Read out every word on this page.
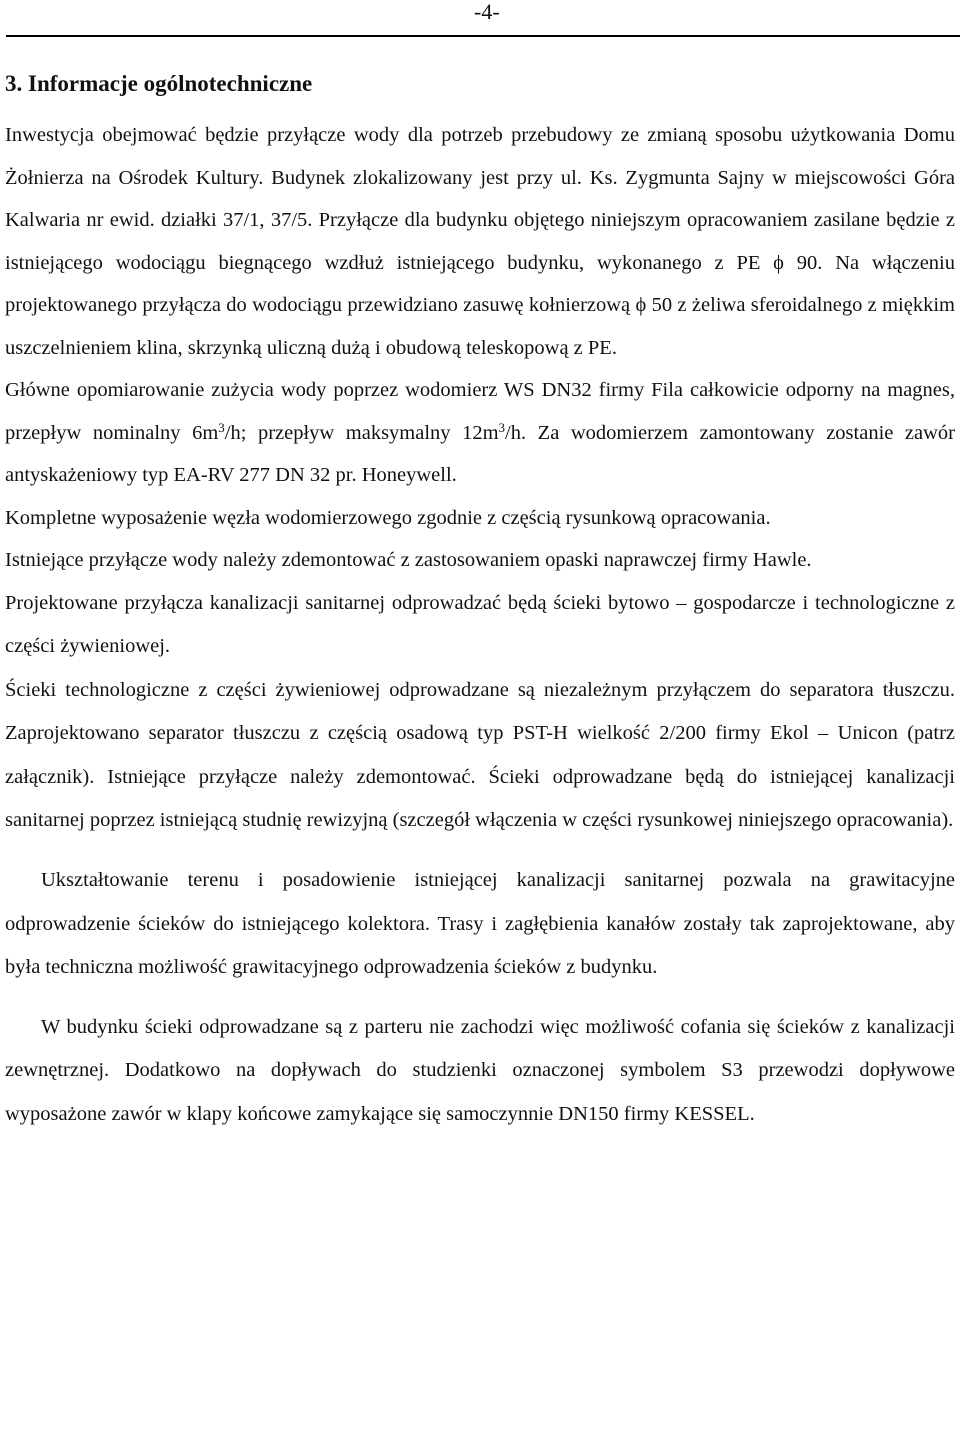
-4-
3. Informacje ogólnotechniczne

Inwestycja obejmować będzie przyłącze wody dla potrzeb przebudowy ze zmianą sposobu użytkowania Domu Żołnierza na Ośrodek Kultury. Budynek zlokalizowany jest przy ul. Ks. Zygmunta Sajny w miejscowości Góra Kalwaria nr ewid. działki 37/1, 37/5. Przyłącze dla budynku objętego niniejszym opracowaniem zasilane będzie z istniejącego wodociągu biegnącego wzdłuż istniejącego budynku, wykonanego z PE ϕ 90. Na włączeniu projektowanego przyłącza do wodociągu przewidziano zasuwę kołnierzową ϕ 50 z żeliwa sferoidalnego z miękkim uszczelnieniem klina, skrzynką uliczną dużą i obudową teleskopową z PE.

Główne opomiarowanie zużycia wody poprzez wodomierz WS DN32 firmy Fila całkowicie odporny na magnes, przepływ nominalny $6m^3/h$; przepływ maksymalny $12m^3/h$. Za wodomierzem zamontowany zostanie zawór antyskażeniowy typ EA-RV 277 DN 32 pr. Honeywell.

Kompletne wyposażenie węzła wodomierzowego zgodnie z częścią rysunkową opracowania.

Istniejące przyłącze wody należy zdemontować z zastosowaniem opaski naprawczej firmy Hawle.

Projektowane przyłącza kanalizacji sanitarnej odprowadzać będą ścieki bytowo – gospodarcze i technologiczne z części żywieniowej.

Ścieki technologiczne z części żywieniowej odprowadzane są niezależnym przyłączem do separatora tłuszczu. Zaprojektowano separator tłuszczu z częścią osadową typ PST-H wielkość 2/200 firmy Ekol – Unicon (patrz załącznik). Istniejące przyłącze należy zdemontować. Ścieki odprowadzane będą do istniejącej kanalizacji sanitarnej poprzez istniejącą studnię rewizyjną (szczegół włączenia w części rysunkowej niniejszego opracowania).

Ukształtowanie terenu i posadowienie istniejącej kanalizacji sanitarnej pozwala na grawitacyjne odprowadzenie ścieków do istniejącego kolektora. Trasy i zagłębienia kanałów zostały tak zaprojektowane, aby była techniczna możliwość grawitacyjnego odprowadzenia ścieków z budynku.

W budynku ścieki odprowadzane są z parteru nie zachodzi więc możliwość cofania się ścieków z kanalizacji zewnętrznej. Dodatkowo na dopływach do studzienki oznaczonej symbolem S3 przewodzi dopływowe wyposażone zawór w klapy końcowe zamykające się samoczynnie DN150 firmy KESSEL.
